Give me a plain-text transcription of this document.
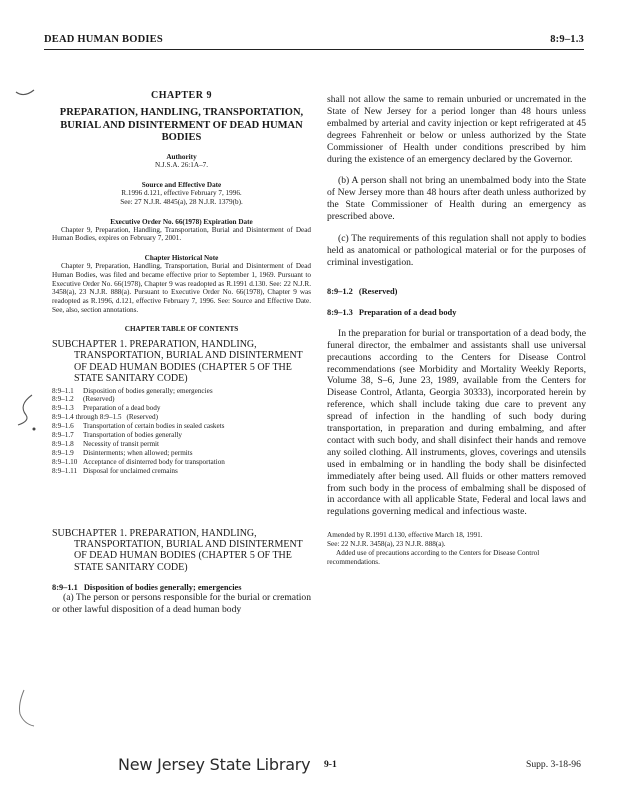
DEAD HUMAN BODIES	8:9–1.3
CHAPTER 9
PREPARATION, HANDLING, TRANSPORTATION, BURIAL AND DISINTERMENT OF DEAD HUMAN BODIES
Authority
N.J.S.A. 26:1A–7.
Source and Effective Date
R.1996 d.121, effective February 7, 1996.
See: 27 N.J.R. 4845(a), 28 N.J.R. 1379(b).
Executive Order No. 66(1978) Expiration Date
Chapter 9, Preparation, Handling, Transportation, Burial and Disinterment of Dead Human Bodies, expires on February 7, 2001.
Chapter Historical Note
Chapter 9, Preparation, Handling, Transportation, Burial and Disinterment of Dead Human Bodies, was filed and became effective prior to September 1, 1969. Pursuant to Executive Order No. 66(1978), Chapter 9 was readopted as R.1991 d.130. See: 22 N.J.R. 3458(a), 23 N.J.R. 888(a). Pursuant to Executive Order No. 66(1978), Chapter 9 was readopted as R.1996, d.121, effective February 7, 1996. See: Source and Effective Date. See, also, section annotations.
CHAPTER TABLE OF CONTENTS
SUBCHAPTER 1. PREPARATION, HANDLING, TRANSPORTATION, BURIAL AND DISINTERMENT OF DEAD HUMAN BODIES (CHAPTER 5 OF THE STATE SANITARY CODE)
8:9–1.1	Disposition of bodies generally; emergencies
8:9–1.2	(Reserved)
8:9–1.3	Preparation of a dead body
8:9–1.4 through 8:9–1.5 (Reserved)
8:9–1.6	Transportation of certain bodies in sealed caskets
8:9–1.7	Transportation of bodies generally
8:9–1.8	Necessity of transit permit
8:9–1.9	Disinterments; when allowed; permits
8:9–1.10 Acceptance of disinterred body for transportation
8:9–1.11 Disposal for unclaimed cremains
SUBCHAPTER 1. PREPARATION, HANDLING, TRANSPORTATION, BURIAL AND DISINTERMENT OF DEAD HUMAN BODIES (CHAPTER 5 OF THE STATE SANITARY CODE)
8:9–1.1 Disposition of bodies generally; emergencies
(a) The person or persons responsible for the burial or cremation or other lawful disposition of a dead human body
shall not allow the same to remain unburied or uncremated in the State of New Jersey for a period longer than 48 hours unless embalmed by arterial and cavity injection or kept refrigerated at 45 degrees Fahrenheit or below or unless authorized by the State Commissioner of Health under conditions prescribed by him during the existence of an emergency declared by the Governor.
(b) A person shall not bring an unembalmed body into the State of New Jersey more than 48 hours after death unless authorized by the State Commissioner of Health during an emergency as prescribed above.
(c) The requirements of this regulation shall not apply to bodies held as anatomical or pathological material or for the purposes of criminal investigation.
8:9–1.2 (Reserved)
8:9–1.3 Preparation of a dead body
In the preparation for burial or transportation of a dead body, the funeral director, the embalmer and assistants shall use universal precautions according to the Centers for Disease Control recommendations (see Morbidity and Mortality Weekly Reports, Volume 38, S–6, June 23, 1989, available from the Centers for Disease Control, Atlanta, Georgia 30333), incorporated herein by reference, which shall include taking due care to prevent any spread of infection in the handling of such body during transportation, in preparation and during embalming, and after contact with such body, and shall disinfect their hands and remove any soiled clothing. All instruments, gloves, coverings and utensils used in embalming or in handling the body shall be disinfected immediately after being used. All fluids or other matters removed from such body in the process of embalming shall be disposed of in accordance with all applicable State, Federal and local laws and regulations governing medical and infectious waste.
Amended by R.1991 d.130, effective March 18, 1991.
See: 22 N.J.R. 3458(a), 23 N.J.R. 888(a).
Added use of precautions according to the Centers for Disease Control recommendations.
New Jersey State Library 9-1	Supp. 3-18-96
